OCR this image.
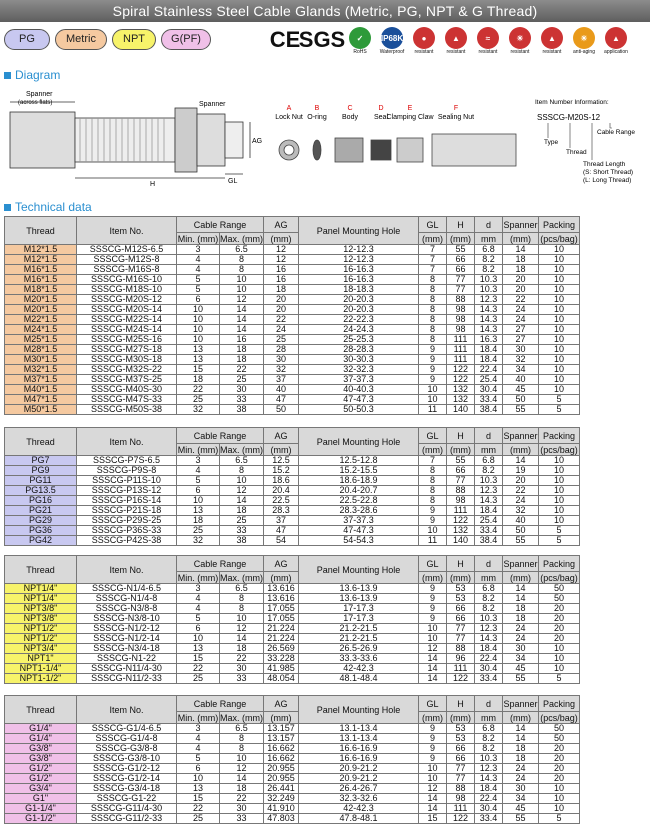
Spiral Stainless Steel Cable Glands (Metric, PG, NPT & G Thread)
PG	Metric	NPT	G(PF)	CE
SGS	✓
RoHS
IP68K
Waterproof
●
resistant
▲
resistant
≈
resistant
☀
resistant
▲
resistant
☀
anti-aging
▲
application
Diagram
Spanner
(across flats)	Spanner
H	GL
AG
A
Lock Nut
B
O-ring
C
Body
D
Seal
E
Clamping Claw
F
Sealing Nut
Item Number Information:
SSSCG-M20S-12
Type
Cable Range
Thread
Thread Length
(S: Short Thread)
(L: Long Thread)
Technical data
Thread	Item No.	Cable Range		AG	Panel Mounting Hole	GL	H	d	Spanner	Packing
		Min. (mm)	Max. (mm)	(mm)		(mm)	(mm)	mm	(mm)	(pcs/bag)
M12*1.5	SSSCG-M12S-6.5	3	6.5	12	12-12.3	7	55	6.8	14	10
M12*1.5	SSSCG-M12S-8	4	8	12	12-12.3	7	66	8.2	18	10
M16*1.5	SSSCG-M16S-8	4	8	16	16-16.3	7	66	8.2	18	10
M16*1.5	SSSCG-M16S-10	5	10	16	16-16.3	8	77	10.3	20	10
M18*1.5	SSSCG-M18S-10	5	10	18	18-18.3	8	77	10.3	20	10
M20*1.5	SSSCG-M20S-12	6	12	20	20-20.3	8	88	12.3	22	10
M20*1.5	SSSCG-M20S-14	10	14	20	20-20.3	8	98	14.3	24	10
M22*1.5	SSSCG-M22S-14	10	14	22	22-22.3	8	98	14.3	24	10
M24*1.5	SSSCG-M24S-14	10	14	24	24-24.3	8	98	14.3	27	10
M25*1.5	SSSCG-M25S-16	10	16	25	25-25.3	8	111	16.3	27	10
M28*1.5	SSSCG-M27S-18	13	18	28	28-28.3	9	111	18.4	30	10
M30*1.5	SSSCG-M30S-18	13	18	30	30-30.3	9	111	18.4	32	10
M32*1.5	SSSCG-M32S-22	15	22	32	32-32.3	9	122	22.4	34	10
M37*1.5	SSSCG-M37S-25	18	25	37	37-37.3	9	122	25.4	40	10
M40*1.5	SSSCG-M40S-30	22	30	40	40-40.3	10	132	30.4	45	10
M47*1.5	SSSCG-M47S-33	25	33	47	47-47.3	10	132	33.4	50	5
M50*1.5	SSSCG-M50S-38	32	38	50	50-50.3	11	140	38.4	55	5
Thread	Item No.	Cable Range		AG	Panel Mounting Hole	GL	H	d	Spanner	Packing
		Min. (mm)	Max. (mm)	(mm)		(mm)	(mm)	mm	(mm)	(pcs/bag)
PG7	SSSCG-P7S-6.5	3	6.5	12.5	12.5-12.8	7	55	6.8	14	10
PG9	SSSCG-P9S-8	4	8	15.2	15.2-15.5	8	66	8.2	19	10
PG11	SSSCG-P11S-10	5	10	18.6	18.6-18.9	8	77	10.3	20	10
PG13.5	SSSCG-P13S-12	6	12	20.4	20.4-20.7	8	88	12.3	22	10
PG16	SSSCG-P16S-14	10	14	22.5	22.5-22.8	8	98	14.3	24	10
PG21	SSSCG-P21S-18	13	18	28.3	28.3-28.6	9	111	18.4	32	10
PG29	SSSCG-P29S-25	18	25	37	37-37.3	9	122	25.4	40	10
PG36	SSSCG-P36S-33	25	33	47	47-47.3	10	132	33.4	50	5
PG42	SSSCG-P42S-38	32	38	54	54-54.3	11	140	38.4	55	5
Thread	Item No.	Cable Range		AG	Panel Mounting Hole	GL	H	d	Spanner	Packing
		Min. (mm)	Max. (mm)	(mm)		(mm)	(mm)	mm	(mm)	(pcs/bag)
NPT1/4"	SSSCG-N1/4-6.5	3	6.5	13.616	13.6-13.9	9	53	6.8	14	50
NPT1/4"	SSSCG-N1/4-8	4	8	13.616	13.6-13.9	9	53	8.2	14	50
NPT3/8"	SSSCG-N3/8-8	4	8	17.055	17-17.3	9	66	8.2	18	20
NPT3/8"	SSSCG-N3/8-10	5	10	17.055	17-17.3	9	66	10.3	18	20
NPT1/2"	SSSCG-N1/2-12	6	12	21.224	21.2-21.5	10	77	12.3	24	20
NPT1/2"	SSSCG-N1/2-14	10	14	21.224	21.2-21.5	10	77	14.3	24	20
NPT3/4"	SSSCG-N3/4-18	13	18	26.569	26.5-26.9	12	88	18.4	30	10
NPT1"	SSSCG-N1-22	15	22	33.228	33.3-33.6	14	96	22.4	34	10
NPT1-1/4"	SSSCG-N11/4-30	22	30	41.985	42-42.3	14	111	30.4	45	10
NPT1-1/2"	SSSCG-N11/2-33	25	33	48.054	48.1-48.4	14	122	33.4	55	5
Thread	Item No.	Cable Range		AG	Panel Mounting Hole	GL	H	d	Spanner	Packing
		Min. (mm)	Max. (mm)	(mm)		(mm)	(mm)	mm	(mm)	(pcs/bag)
G1/4"	SSSCG-G1/4-6.5	3	6.5	13.157	13.1-13.4	9	53	6.8	14	50
G1/4"	SSSCG-G1/4-8	4	8	13.157	13.1-13.4	9	53	8.2	14	50
G3/8"	SSSCG-G3/8-8	4	8	16.662	16.6-16.9	9	66	8.2	18	20
G3/8"	SSSCG-G3/8-10	5	10	16.662	16.6-16.9	9	66	10.3	18	20
G1/2"	SSSCG-G1/2-12	6	12	20.955	20.9-21.2	10	77	12.3	24	20
G1/2"	SSSCG-G1/2-14	10	14	20.955	20.9-21.2	10	77	14.3	24	20
G3/4"	SSSCG-G3/4-18	13	18	26.441	26.4-26.7	12	88	18.4	30	10
G1"	SSSCG-G1-22	15	22	32.249	32.3-32.6	14	98	22.4	34	10
G1-1/4"	SSSCG-G11/4-30	22	30	41.910	42-42.3	14	111	30.4	45	10
G1-1/2"	SSSCG-G11/2-33	25	33	47.803	47.8-48.1	15	122	33.4	55	5
